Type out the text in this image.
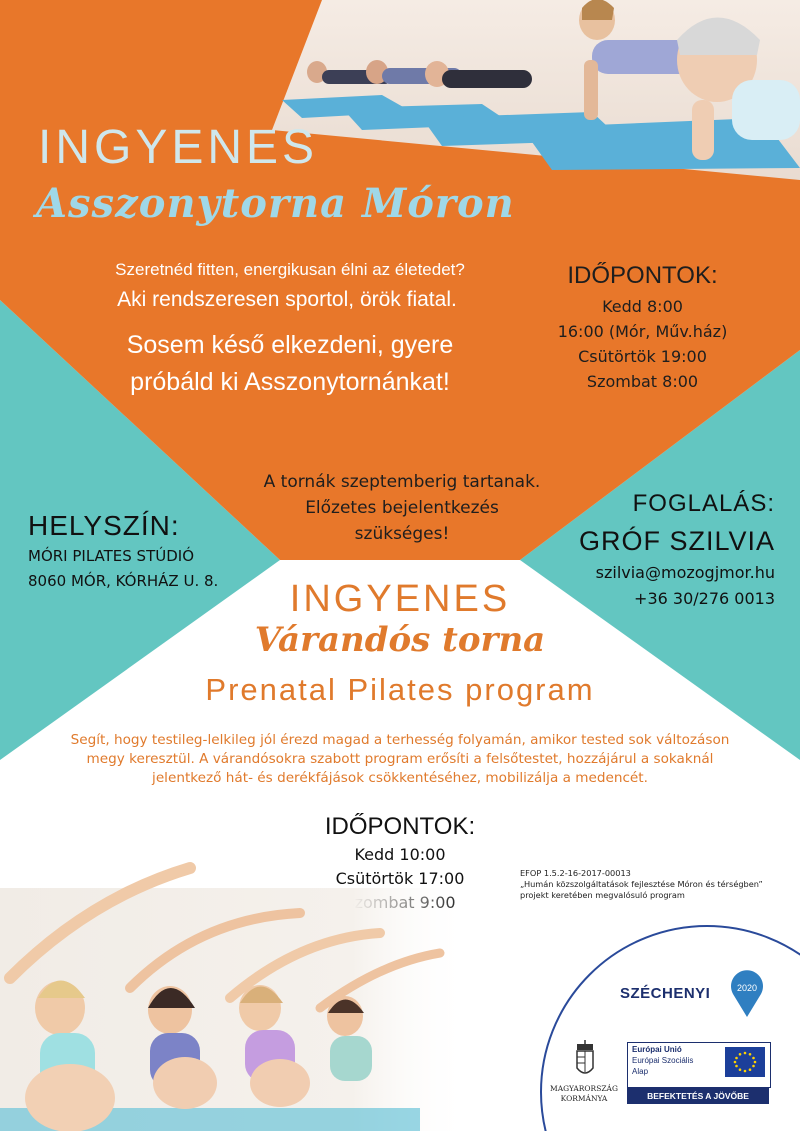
INGYENES
Asszonytorna Móron
Szeretnéd fitten, energikusan élni az életedet?
Aki rendszeresen sportol, örök fiatal.
Sosem késő elkezdeni, gyere
próbáld ki Asszonytornánkat!
IDŐPONTOK:
Kedd 8:00
16:00 (Mór, Műv.ház)
Csütörtök 19:00
Szombat 8:00
A tornák szeptemberig tartanak.
Előzetes bejelentkezés
szükséges!
HELYSZÍN:
MÓRI PILATES STÚDIÓ
8060 MÓR, KÓRHÁZ U. 8.
FOGLALÁS:
GRÓF SZILVIA
szilvia@mozogjmor.hu
+36 30/276 0013
INGYENES
Várandós torna
Prenatal Pilates program
Segít, hogy testileg-lelkileg jól érezd magad a terhesség folyamán, amikor tested sok változáson
megy keresztül. A várandósokra szabott program erősíti a felsőtestet, hozzájárul a sokaknál
jelentkező hát- és derékfájások csökkentéséhez, mobilizálja a medencét.
IDŐPONTOK:
Kedd 10:00
Csütörtök 17:00	EFOP 1.5.2-16-2017-00013
„Humán közszolgáltatások fejlesztése Móron és térségben”
projekt keretében megvalósuló program
SZÉCHENYI	2020
MAGYARORSZÁG
KORMÁNYA
Európai Unió
Európai Szociális
Alap
BEFEKTETÉS A JÖVŐBE
